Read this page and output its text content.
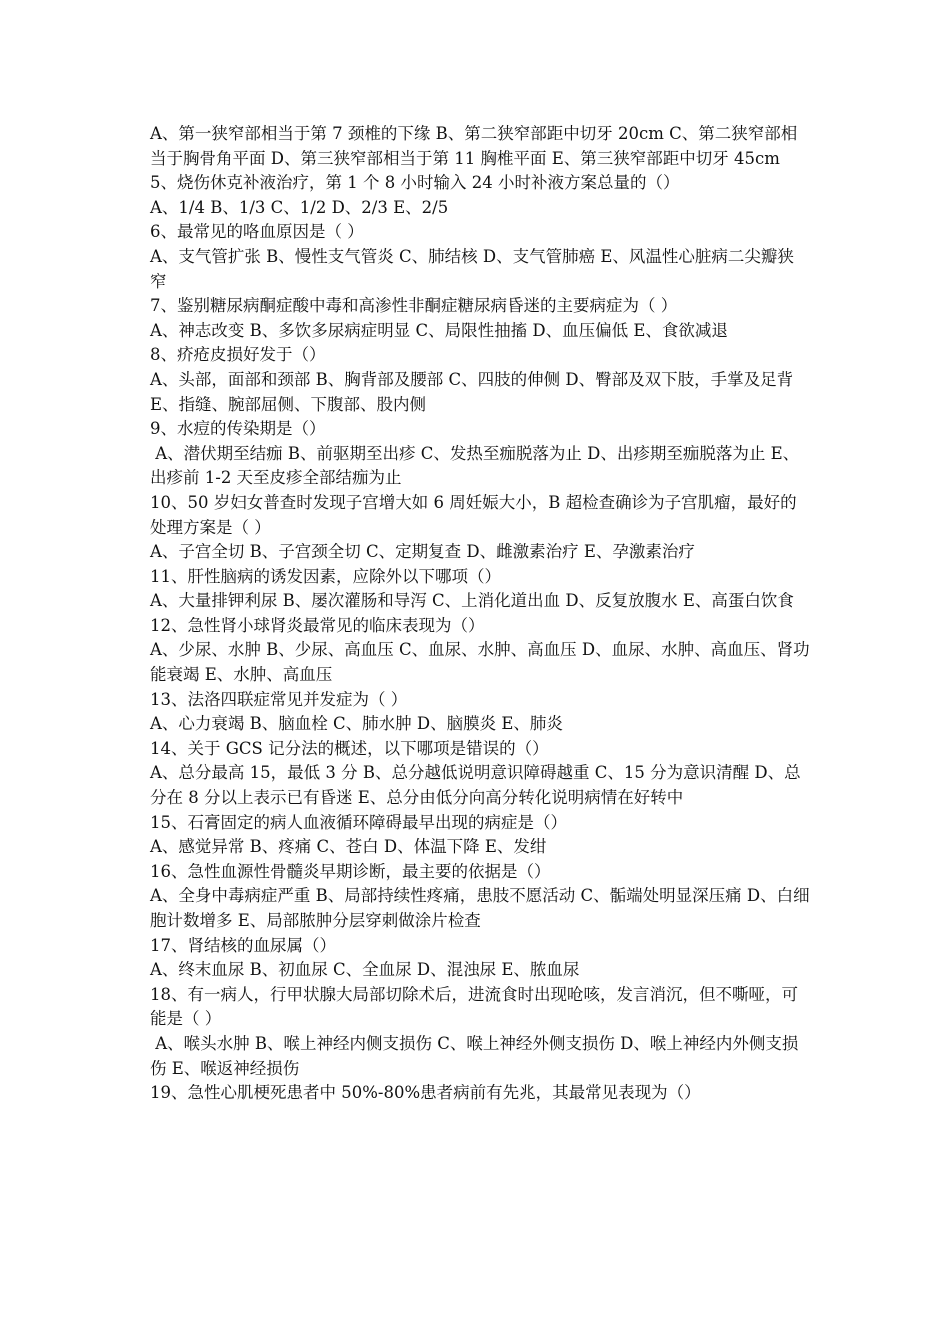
A、第一狭窄部相当于第 7 颈椎的下缘 B、第二狭窄部距中切牙 20cm C、第二狭窄部相当于胸骨角平面 D、第三狭窄部相当于第 11 胸椎平面 E、第三狭窄部距中切牙 45cm
5、烧伤休克补液治疗，第 1 个 8 小时输入 24 小时补液方案总量的（）
A、1/4 B、1/3 C、1/2 D、2/3 E、2/5
6、最常见的咯血原因是（ ）
A、支气管扩张 B、慢性支气管炎 C、肺结核 D、支气管肺癌 E、风温性心脏病二尖瓣狭窄
7、鉴别糖尿病酮症酸中毒和高渗性非酮症糖尿病昏迷的主要病症为（ ）
A、神志改变 B、多饮多尿病症明显 C、局限性抽搐 D、血压偏低 E、食欲减退
8、疥疮皮损好发于（）
A、头部，面部和颈部 B、胸背部及腰部 C、四肢的伸侧 D、臀部及双下肢，手掌及足背 E、指缝、腕部屈侧、下腹部、股内侧
9、水痘的传染期是（）
A、潜伏期至结痂 B、前驱期至出疹 C、发热至痂脱落为止 D、出疹期至痂脱落为止 E、出疹前 1-2 天至皮疹全部结痂为止
10、50 岁妇女普查时发现子宫增大如 6 周妊娠大小，B 超检查确诊为子宫肌瘤，最好的处理方案是（ ）
A、子宫全切 B、子宫颈全切 C、定期复查 D、雌激素治疗 E、孕激素治疗
11、肝性脑病的诱发因素，应除外以下哪项（）
A、大量排钾利尿 B、屡次灌肠和导泻 C、上消化道出血 D、反复放腹水 E、高蛋白饮食
12、急性肾小球肾炎最常见的临床表现为（）
A、少尿、水肿 B、少尿、高血压 C、血尿、水肿、高血压 D、血尿、水肿、高血压、肾功能衰竭 E、水肿、高血压
13、法洛四联症常见并发症为（ ）
A、心力衰竭 B、脑血栓 C、肺水肿 D、脑膜炎 E、肺炎
14、关于 GCS 记分法的概述，以下哪项是错误的（）
A、总分最高 15，最低 3 分 B、总分越低说明意识障碍越重 C、15 分为意识清醒 D、总分在 8 分以上表示已有昏迷 E、总分由低分向高分转化说明病情在好转中
15、石膏固定的病人血液循环障碍最早出现的病症是（）
A、感觉异常 B、疼痛 C、苍白 D、体温下降 E、发绀
16、急性血源性骨髓炎早期诊断，最主要的依据是（）
A、全身中毒病症严重 B、局部持续性疼痛，患肢不愿活动 C、骺端处明显深压痛 D、白细胞计数增多 E、局部脓肿分层穿刺做涂片检查
17、肾结核的血尿属（）
A、终末血尿 B、初血尿 C、全血尿 D、混浊尿 E、脓血尿
18、有一病人，行甲状腺大局部切除术后，进流食时出现呛咳，发言消沉，但不嘶哑，可能是（ ）
A、喉头水肿 B、喉上神经内侧支损伤 C、喉上神经外侧支损伤 D、喉上神经内外侧支损伤 E、喉返神经损伤
19、急性心肌梗死患者中 50%-80%患者病前有先兆，其最常见表现为（）
